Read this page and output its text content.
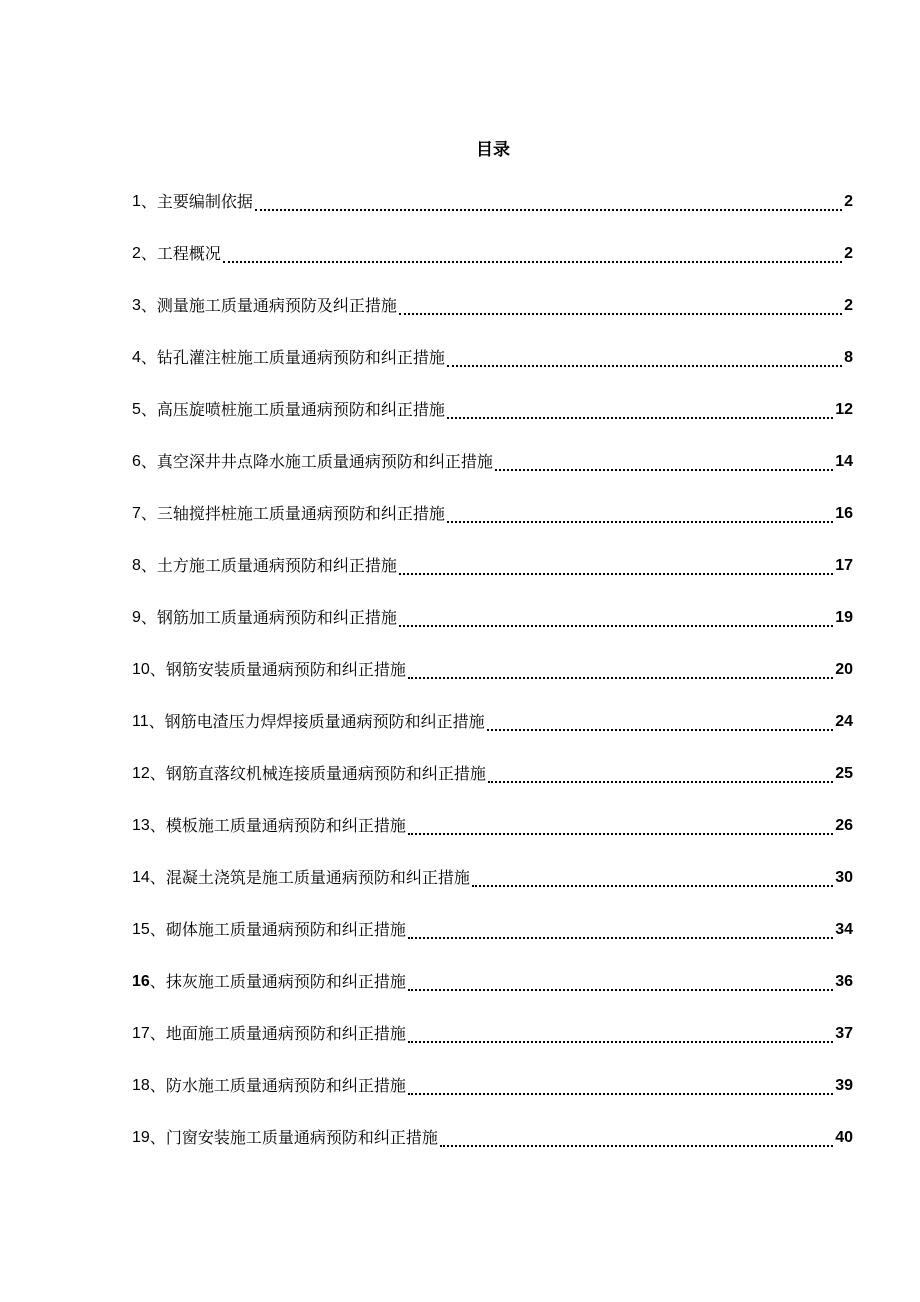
目录
1 、 主要编制依据	2
2 、 工程概况	2
3 、 测量施工质量通病预防及纠正措施	2
4 、 钻孔灌注桩施工质量通病预防和纠正措施	8
5 、 高压旋喷桩施工质量通病预防和纠正措施	12
6 、 真空深井井点降水施工质量通病预防和纠正措施	14
7 、 三轴搅拌桩施工质量通病预防和纠正措施	16
8 、 土方施工质量通病预防和纠正措施	17
9 、 钢筋加工质量通病预防和纠正措施	19
10 、 钢筋安装质量通病预防和纠正措施	20
11 、 钢筋电渣压力焊焊接质量通病预防和纠正措施	24
12 、 钢筋直落纹机械连接质量通病预防和纠正措施	25
13 、 模板施工质量通病预防和纠正措施	26
14 、 混凝土浇筑是施工质量通病预防和纠正措施	30
15 、 砌体施工质量通病预防和纠正措施	34
16 、 抹灰施工质量通病预防和纠正措施	36
17 、 地面施工质量通病预防和纠正措施	37
18 、 防水施工质量通病预防和纠正措施	39
19 、 门窗安装施工质量通病预防和纠正措施	40
